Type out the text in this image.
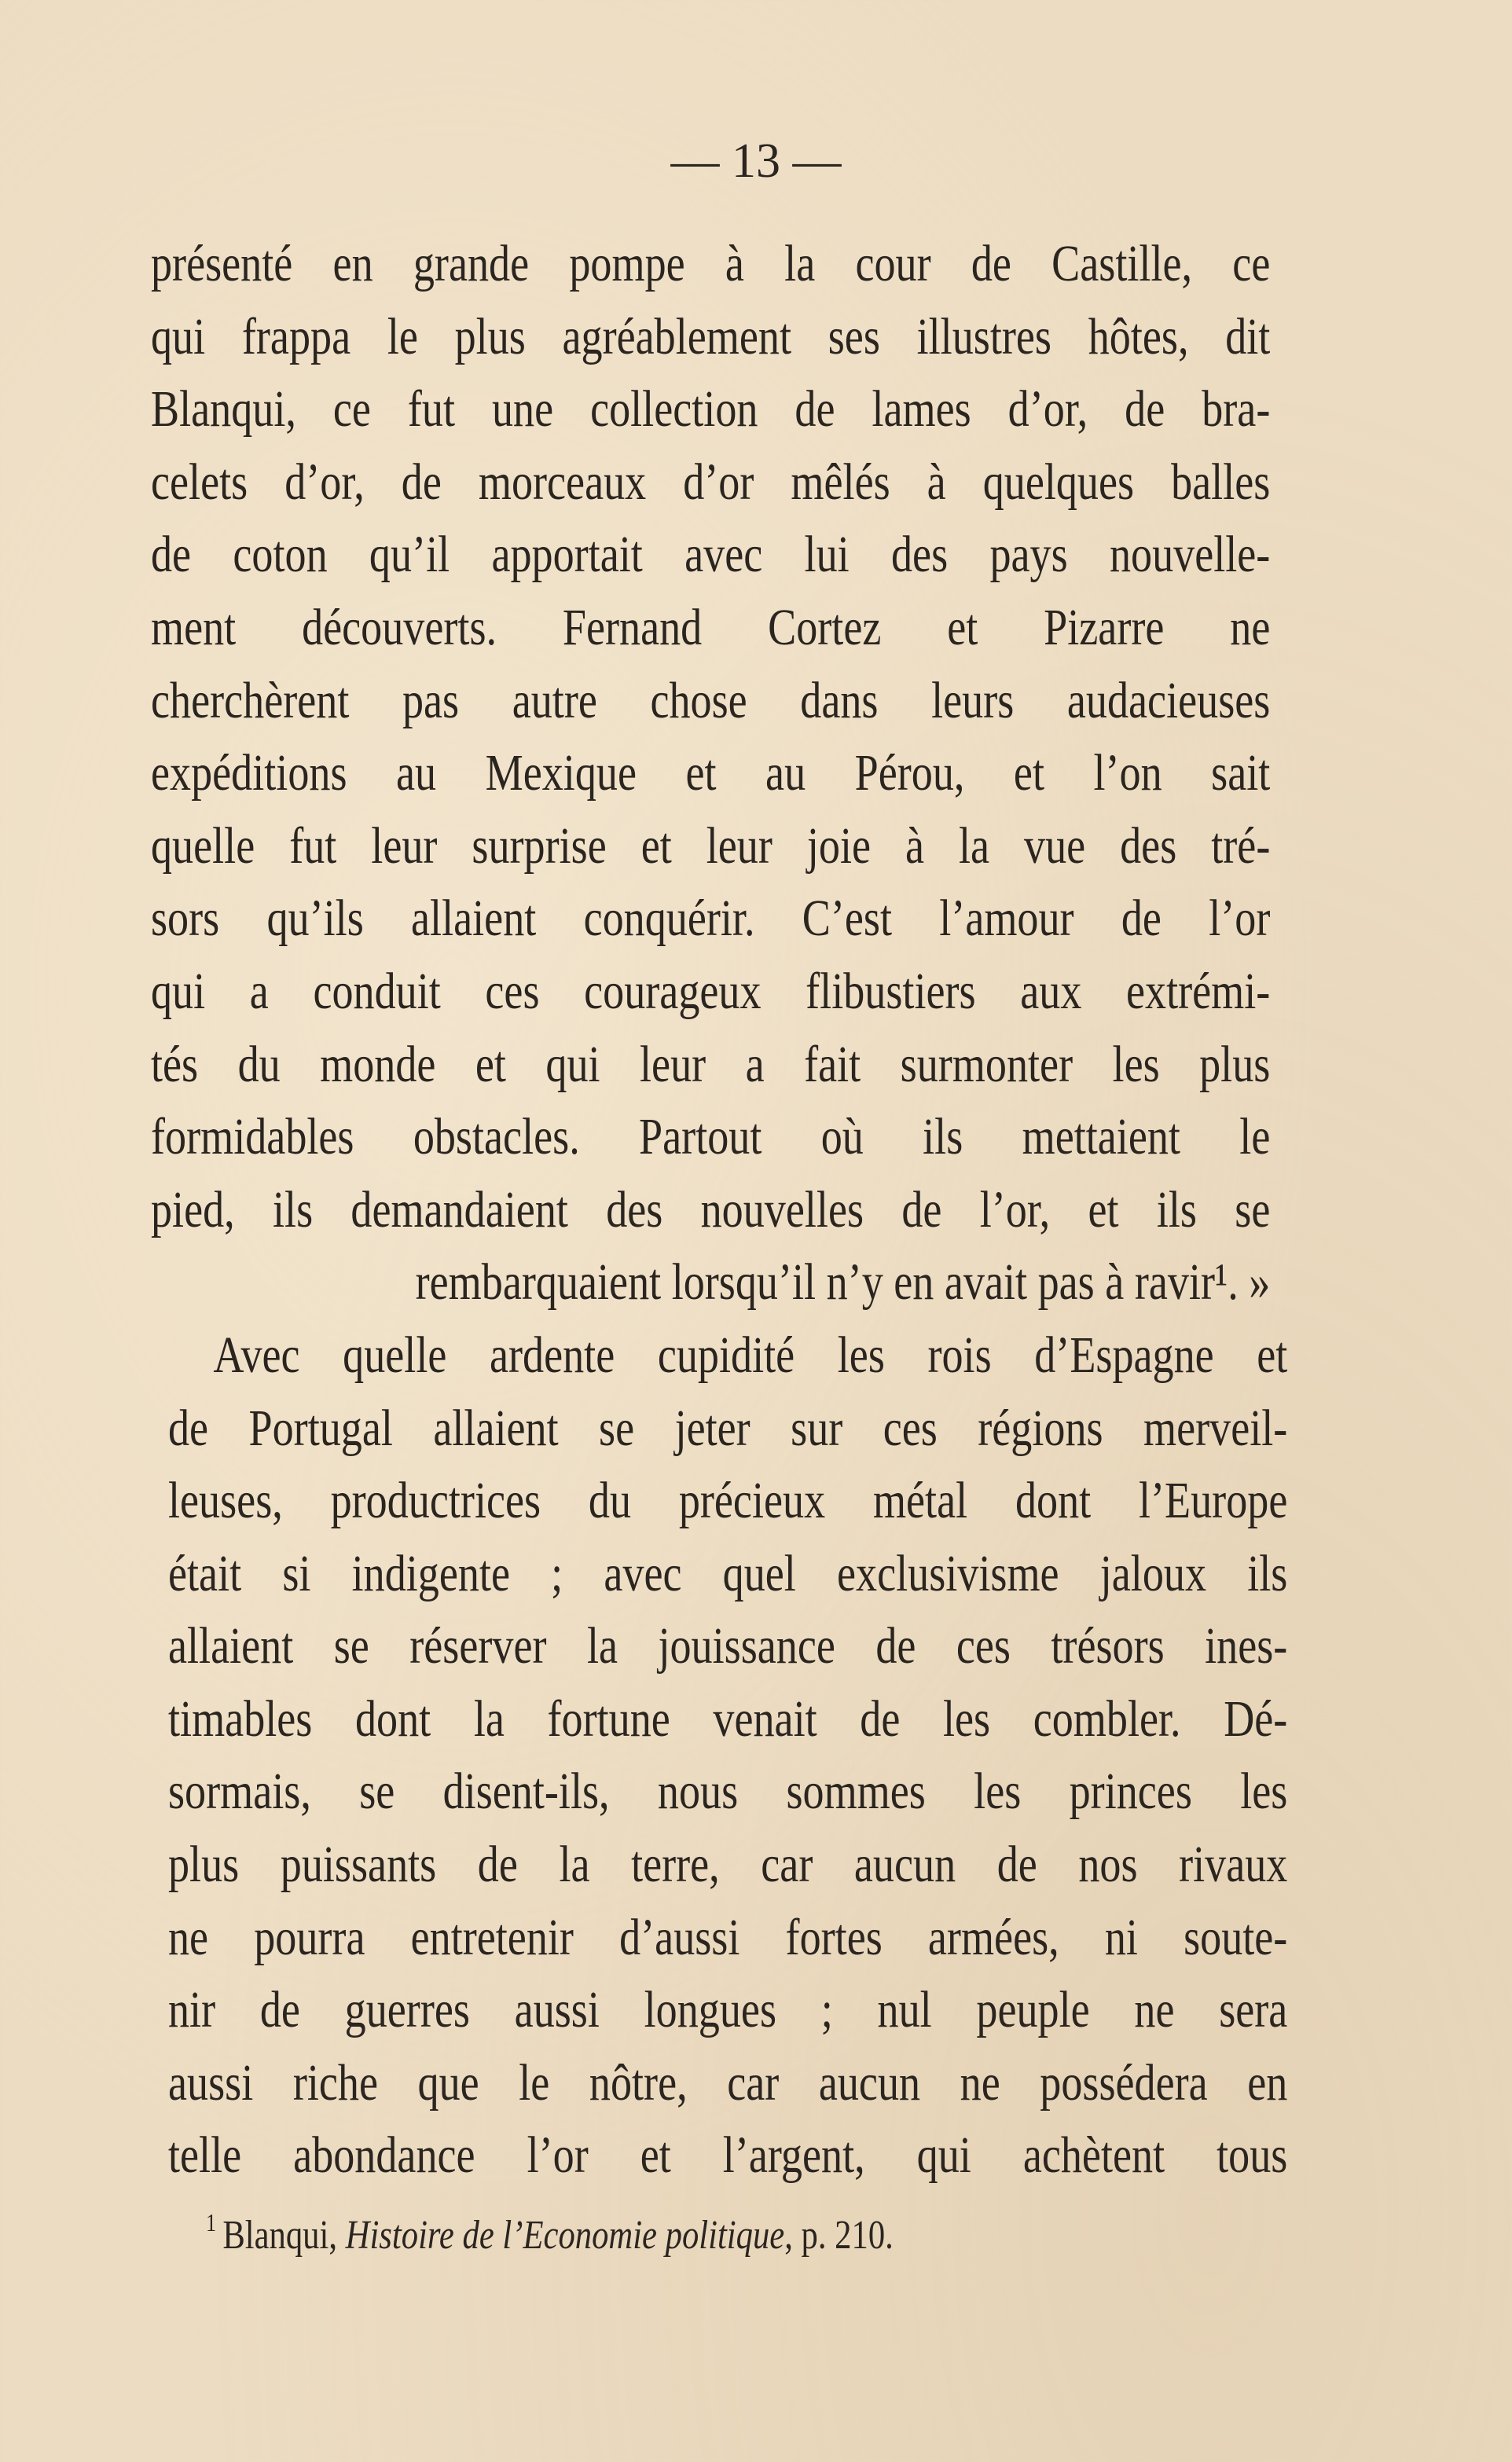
— 13 —
présenté en grande pompe à la cour de Castille, ce
qui frappa le plus agréablement ses illustres hôtes, dit
Blanqui, ce fut une collection de lames d’or, de bra-
celets d’or, de morceaux d’or mêlés à quelques balles
de coton qu’il apportait avec lui des pays nouvelle-
ment découverts. Fernand Cortez et Pizarre ne
cherchèrent pas autre chose dans leurs audacieuses
expéditions au Mexique et au Pérou, et l’on sait
quelle fut leur surprise et leur joie à la vue des tré-
sors qu’ils allaient conquérir. C’est l’amour de l’or
qui a conduit ces courageux flibustiers aux extrémi-
tés du monde et qui leur a fait surmonter les plus
formidables obstacles. Partout où ils mettaient le
pied, ils demandaient des nouvelles de l’or, et ils se
rembarquaient lorsqu’il n’y en avait pas à ravir¹. »
Avec quelle ardente cupidité les rois d’Espagne et
de Portugal allaient se jeter sur ces régions merveil-
leuses, productrices du précieux métal dont l’Europe
était si indigente ; avec quel exclusivisme jaloux ils
allaient se réserver la jouissance de ces trésors ines-
timables dont la fortune venait de les combler. Dé-
sormais, se disent-ils, nous sommes les princes les
plus puissants de la terre, car aucun de nos rivaux
ne pourra entretenir d’aussi fortes armées, ni soute-
nir de guerres aussi longues ; nul peuple ne sera
aussi riche que le nôtre, car aucun ne possédera en
telle abondance l’or et l’argent, qui achètent tous
$^1$ Blanqui, Histoire de l’Economie politique, p. 210.
